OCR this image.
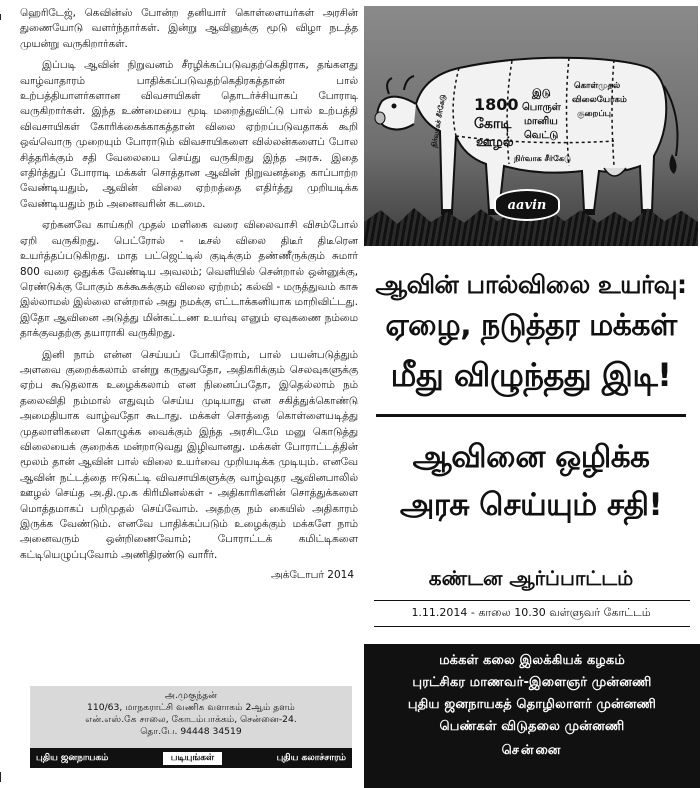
ஹெரிடேஜ், கெவின்ஸ் போன்ற தனியார் கொள்ளையர்கள் அரசின் துணையோடு வளர்ந்தார்கள். இன்று ஆவினுக்கு மூடு விழா நடத்த முயன்று வருகிறார்கள்.

இப்படி ஆவின் நிறுவனம் சீரழிக்கப்படுவதற்கெதிராக, தங்களது வாழ்வாதாரம் பாதிக்கப்படுவதற்கெதிரகத்தான் பால் உற்பத்தியாளர்களான விவசாயிகள் தொடர்ச்சியாகப் போராடி வருகிறார்கள். இந்த உண்மையை மூடி மறைத்துவிட்டு பால் உற்பத்தி விவசாயிகள் கோரிக்கைக்காகத்தான் விலை ஏற்றப்படுவதாகக் கூறி ஒவ்வொரு முறையும் போராடும் விவசாயிகளை வில்லன்களைப் போல சித்தரிக்கும் சதி வேலையை செய்து வருகிறது இந்த அரசு. இதை எதிர்த்துப் போராடி மக்கள் சொத்தான ஆவின் நிறுவனத்தை காப்பாற்ற வேண்டியதும், ஆவின் விலை ஏற்றத்தை எதிர்த்து முறியடிக்க வேண்டியதும் நம் அனைவரின் கடமை.

ஏற்கனவே காய்கறி முதல் மளிகை வரை விலைவாசி விசம்போல் ஏறி வருகிறது. பெட்ரோல் - டீசல் விலை திடீர் திடீரென உயர்த்தப்படுகிறது. மாத பட்ஜெட்டில் குடிக்கும் தண்ணீருக்கும் சுமார் 800 வரை ஒதுக்க வேண்டிய அவலம்; வெளியில் சென்றால் ஒன்னுக்கு, ரெண்டுக்கு போகும் கக்கூசுக்கும் விலை ஏற்றம்; கல்வி - மருத்துவம் காசு இல்லாமல் இல்லை என்றால் அது நமக்கு எட்டாக்கனியாக மாறிவிட்டது. இதோ ஆவினை அடுத்து மின்கட்டண உயர்வு எனும் ஏவுகணை நம்மை தாக்குவதற்கு தயாராகி வருகிறது.

இனி நாம் என்ன செய்யப் போகிறோம், பால் பயன்படுத்தும் அளவை குறைக்கலாம் என்று கருதுவதோ, அதிகரிக்கும் செலவுகளுக்கு ஏற்ப கூடுதலாக உழைக்கலாம் என நினைப்பதோ, இதெல்லாம் நம் தலைவிதி நம்மால் எதுவும் செய்ய முடியாது என சகித்துக்கொண்டு அமைதியாக வாழ்வதோ கூடாது. மக்கள் சொத்தை கொள்ளையடித்து முதலாளிகளை கொழுக்க வைக்கும் இந்த அரசிடமே மனு கொடுத்து விலையைக் குறைக்க மன்றாடுவது இழிவானது. மக்கள் போராட்டத்தின் மூலம் தான் ஆவின் பால் விலை உயர்வை முறியடிக்க முடியும். எனவே ஆவின் நட்டத்தை ஈடுகட்டி விவசாயிகளுக்கு வாழ்வுதர ஆவினபாலில் ஊழல் செய்த அ.தி.மு.க கிரிமினல்கள் - அதிகாரிகளின் சொத்துக்களை மொத்தமாகப் பறிமுதல் செய்வோம். அதற்கு நம் கையில் அதிகாரம் இருக்க வேண்டும். எனவே பாதிக்கப்படும் உழைக்கும் மக்களே நாம் அனைவரும் ஒன்றிணைவோம்; போராட்டக் கமிட்டிகளை கட்டியெழுப்புவோம் அணிதிரண்டு வாரீர்.

அக்டோபர் 2014
அ.முகுந்தன்
110/63, மாநகராட்சி வணிக வளாகம் 2ஆம் தளம்
என்.எஸ்.கே சாலை, கோடம்பாக்கம், சென்னை-24.
தொ.பே. 94448 34519
புதிய ஜனநாயகம்	படியுங்கள்	புதிய கலாச்சாரம்
1800
கோடி
ஊழல்
இடு
பொருள்
மானிய
வெட்டு
கொள்முதல்
விலையோகம்
குறைப்பு
நிர்வாகச் சீர்கேடு
நிர்வாக சீர்கேடு
aavin

ஆவின் பால்விலை உயர்வு:

ஏழை, நடுத்தர மக்கள்

மீது விழுந்தது இடி!

ஆவினை ஒழிக்க

அரசு செய்யும் சதி!

கண்டன ஆர்ப்பாட்டம்
1.11.2014 - காலை 10.30 வள்ளுவர் கோட்டம்
மக்கள் கலை இலக்கியக் கழகம்
புரட்சிகர மாணவர்-இளைஞர் முன்னணி
புதிய ஜனநாயகத் தொழிலாளர் முன்னணி
பெண்கள் விடுதலை முன்னணி
சென்னை
